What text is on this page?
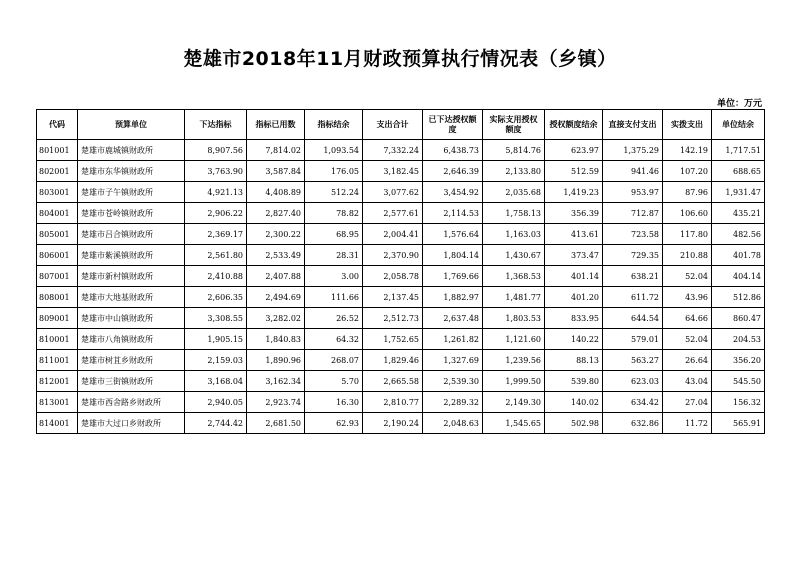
楚雄市2018年11月财政预算执行情况表（乡镇）
单位：万元
代码	预算单位	下达指标	指标已用数	指标结余	支出合计	已下达授权额度	实际支用授权额度	授权额度结余	直接支付支出	实拨支出	单位结余
801001	楚雄市鹿城镇财政所	8,907.56	7,814.02	1,093.54	7,332.24	6,438.73	5,814.76	623.97	1,375.29	142.19	1,717.51
802001	楚雄市东华镇财政所	3,763.90	3,587.84	176.05	3,182.45	2,646.39	2,133.80	512.59	941.46	107.20	688.65
803001	楚雄市子午镇财政所	4,921.13	4,408.89	512.24	3,077.62	3,454.92	2,035.68	1,419.23	953.97	87.96	1,931.47
804001	楚雄市苍岭镇财政所	2,906.22	2,827.40	78.82	2,577.61	2,114.53	1,758.13	356.39	712.87	106.60	435.21
805001	楚雄市吕合镇财政所	2,369.17	2,300.22	68.95	2,004.41	1,576.64	1,163.03	413.61	723.58	117.80	482.56
806001	楚雄市紫溪镇财政所	2,561.80	2,533.49	28.31	2,370.90	1,804.14	1,430.67	373.47	729.35	210.88	401.78
807001	楚雄市新村镇财政所	2,410.88	2,407.88	3.00	2,058.78	1,769.66	1,368.53	401.14	638.21	52.04	404.14
808001	楚雄市大地基财政所	2,606.35	2,494.69	111.66	2,137.45	1,882.97	1,481.77	401.20	611.72	43.96	512.86
809001	楚雄市中山镇财政所	3,308.55	3,282.02	26.52	2,512.73	2,637.48	1,803.53	833.95	644.54	64.66	860.47
810001	楚雄市八角镇财政所	1,905.15	1,840.83	64.32	1,752.65	1,261.82	1,121.60	140.22	579.01	52.04	204.53
811001	楚雄市树苴乡财政所	2,159.03	1,890.96	268.07	1,829.46	1,327.69	1,239.56	88.13	563.27	26.64	356.20
812001	楚雄市三街镇财政所	3,168.04	3,162.34	5.70	2,665.58	2,539.30	1,999.50	539.80	623.03	43.04	545.50
813001	楚雄市西舍路乡财政所	2,940.05	2,923.74	16.30	2,810.77	2,289.32	2,149.30	140.02	634.42	27.04	156.32
814001	楚雄市大过口乡财政所	2,744.42	2,681.50	62.93	2,190.24	2,048.63	1,545.65	502.98	632.86	11.72	565.91
